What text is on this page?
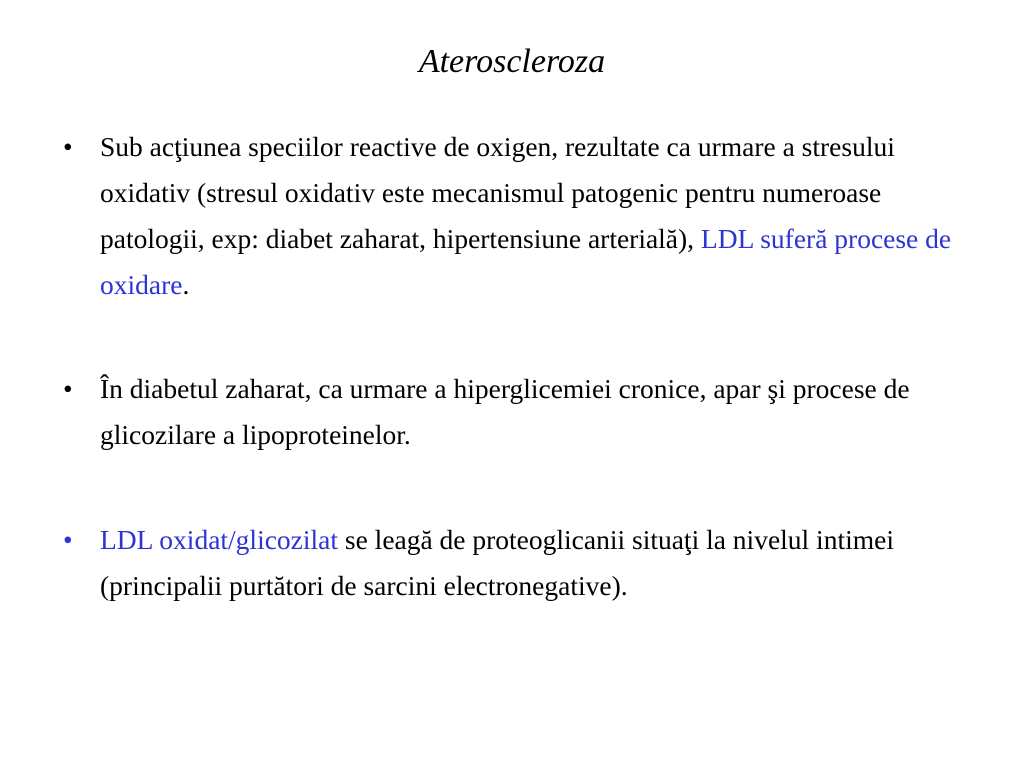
Ateroscleroza
• Sub acţiunea speciilor reactive de oxigen, rezultate ca urmare a stresului oxidativ (stresul oxidativ este mecanismul patogenic pentru numeroase patologii, exp: diabet zaharat, hipertensiune arterială), LDL suferă procese de oxidare.
• În diabetul zaharat, ca urmare a hiperglicemiei cronice, apar şi procese de glicozilare a lipoproteinelor.
• LDL oxidat/glicozilat se leagă de proteoglicanii situaţi la nivelul intimei (principalii purtători de sarcini electronegative).
